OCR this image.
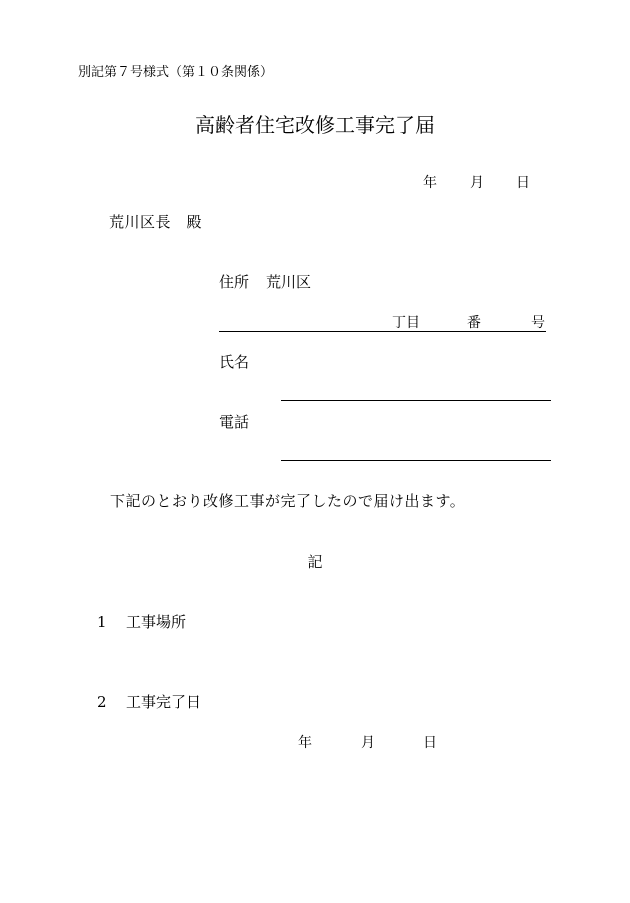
別記第７号様式（第１０条関係）
高齢者住宅改修工事完了届
年 月 日
荒川区長　殿
住所 荒川区
丁目	番	号
氏名
電話
下記のとおり改修工事が完了したので届け出ます。
記
1 工事場所
2 工事完了日
年	月	日
